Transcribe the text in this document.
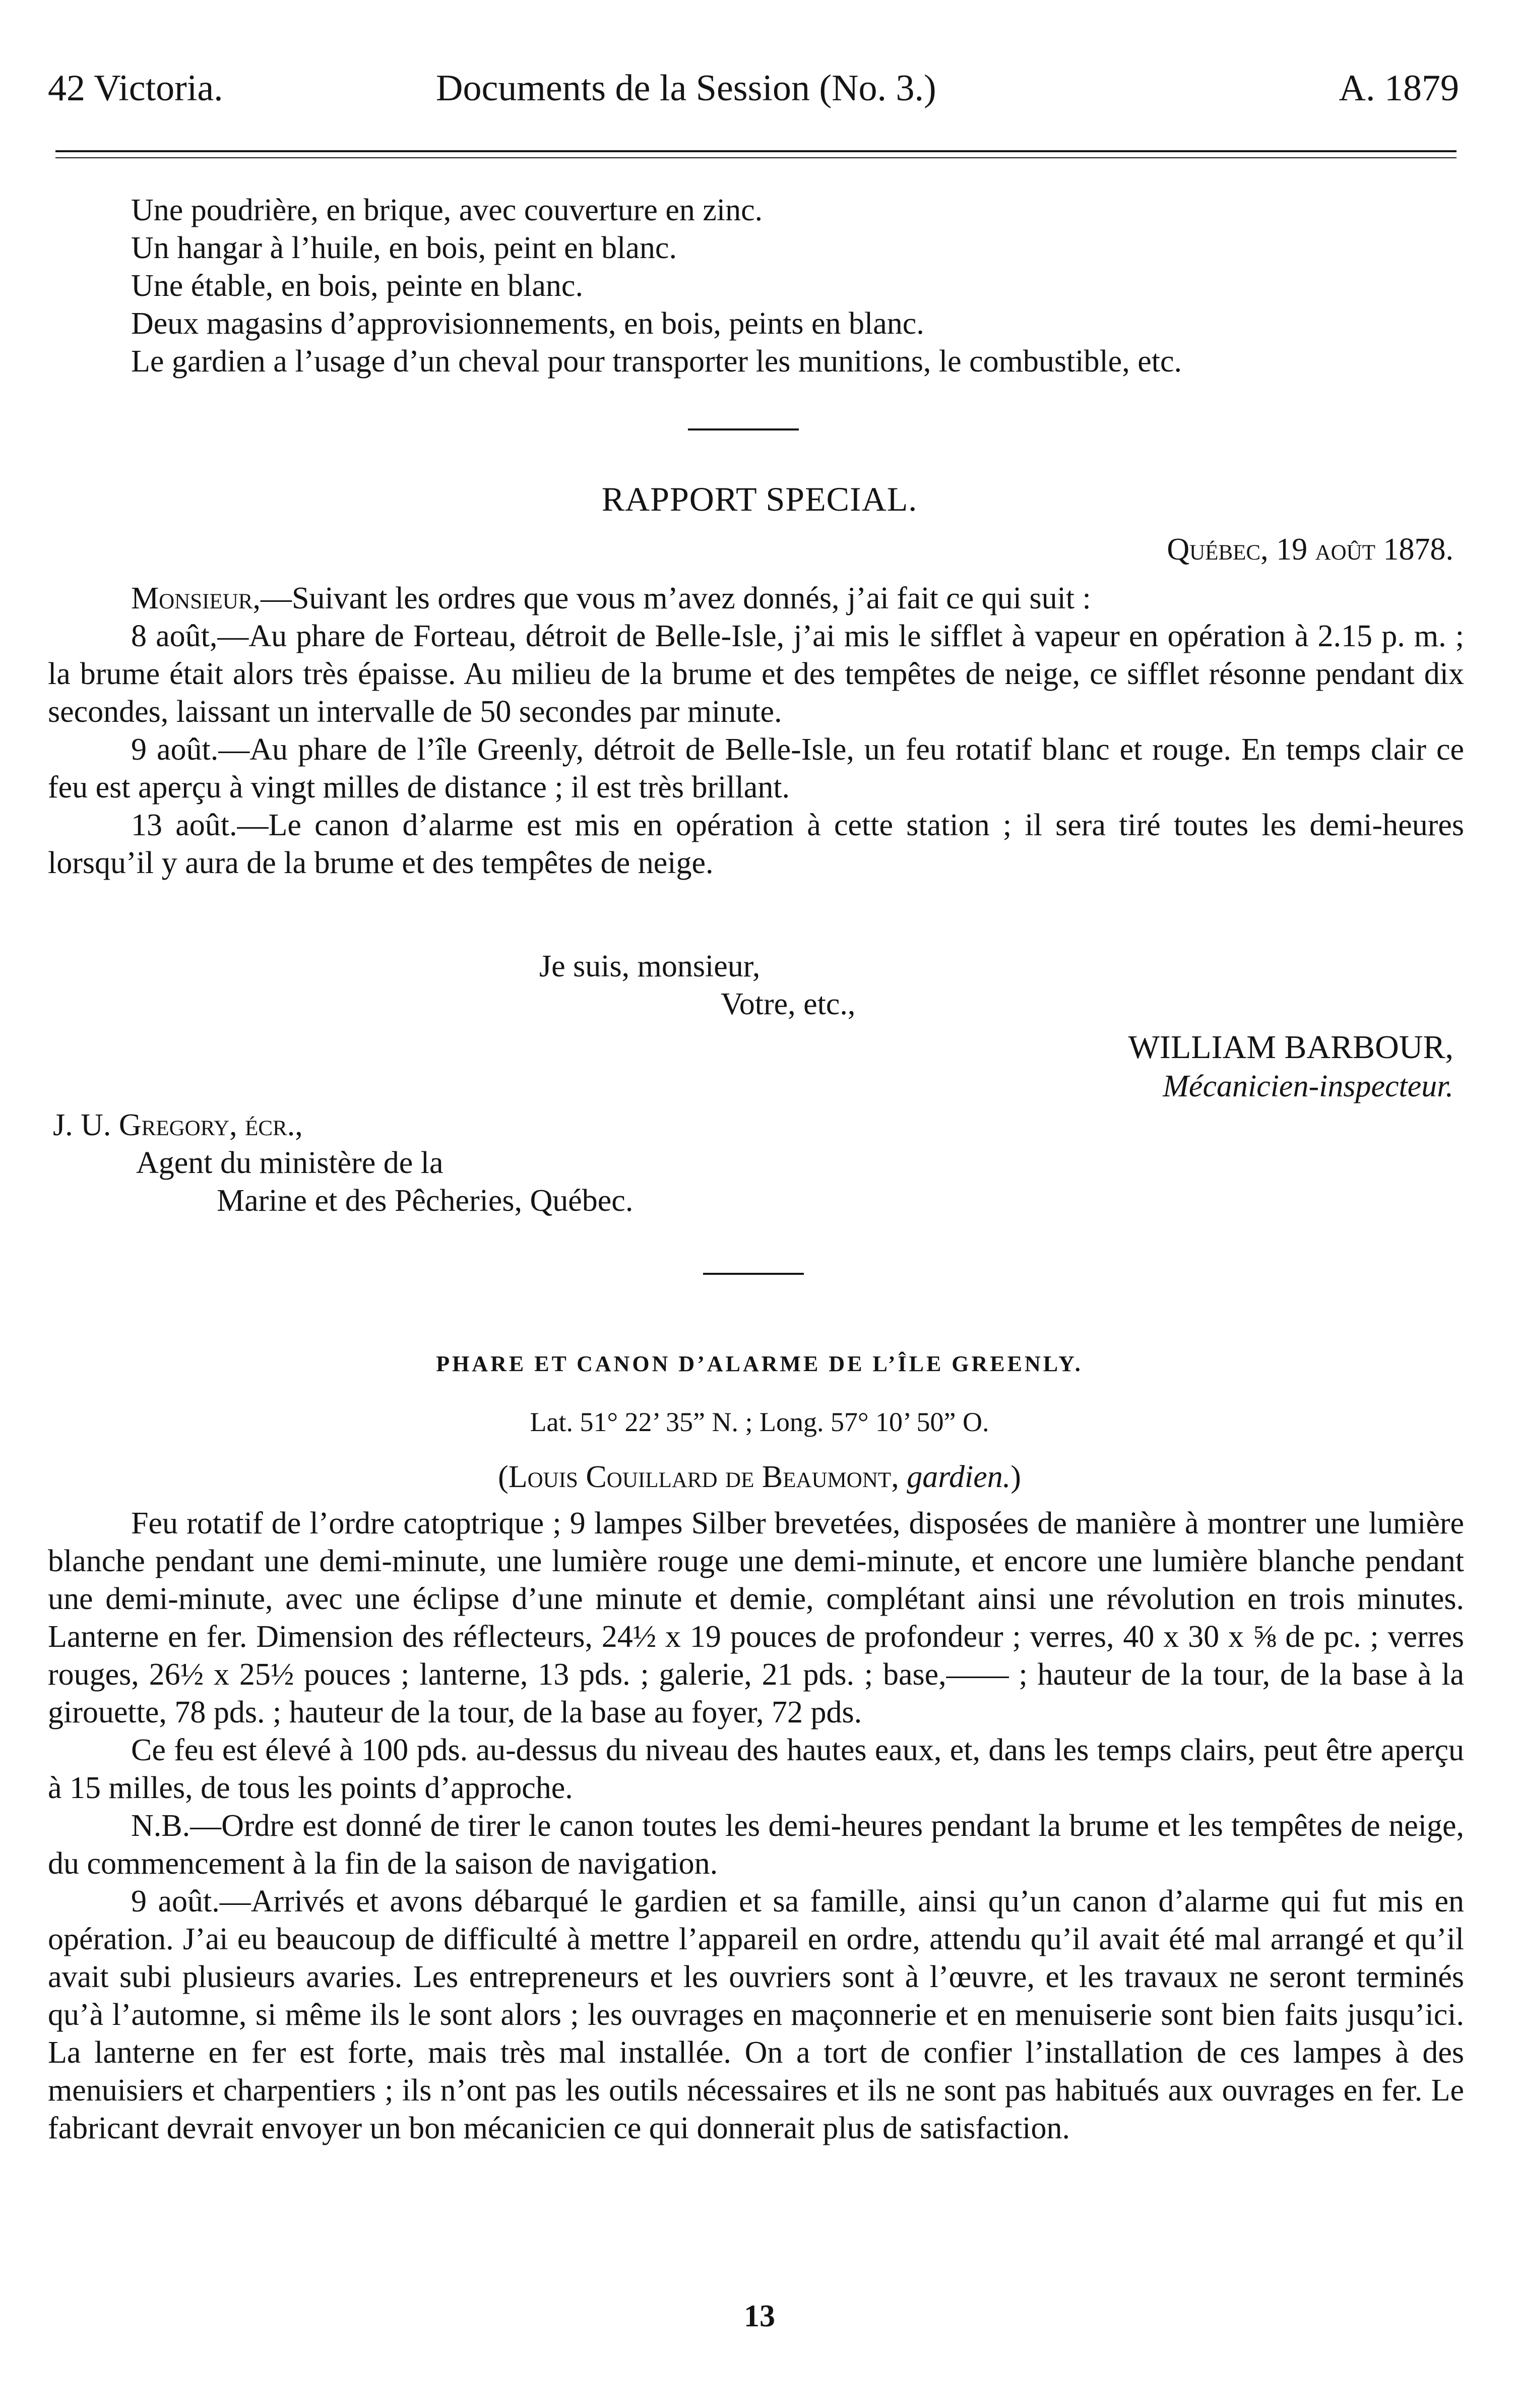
42 Victoria.	Documents de la Session (No. 3.)	A. 1879
Une poudrière, en brique, avec couverture en zinc.
Un hangar à l’huile, en bois, peint en blanc.
Une étable, en bois, peinte en blanc.
Deux magasins d’approvisionnements, en bois, peints en blanc.

Le gardien a l’usage d’un cheval pour transporter les munitions, le combustible, etc.

RAPPORT SPECIAL.
Québec, 19 août 1878.

Monsieur,—Suivant les ordres que vous m’avez donnés, j’ai fait ce qui suit :

8 août,—Au phare de Forteau, détroit de Belle-Isle, j’ai mis le sifflet à vapeur en opération à 2.15 p. m. ; la brume était alors très épaisse. Au milieu de la brume et des tempêtes de neige, ce sifflet résonne pendant dix secondes, laissant un intervalle de 50 secondes par minute.

9 août.—Au phare de l’île Greenly, détroit de Belle-Isle, un feu rotatif blanc et rouge. En temps clair ce feu est aperçu à vingt milles de distance ; il est très brillant.

13 août.—Le canon d’alarme est mis en opération à cette station ; il sera tiré toutes les demi-heures lorsqu’il y aura de la brume et des tempêtes de neige.

Je suis, monsieur,
Votre, etc.,
WILLIAM BARBOUR,
Mécanicien-inspecteur.
J. U. Gregory, écr.,
Agent du ministère de la
Marine et des Pêcheries, Québec.
PHARE ET CANON D’ALARME DE L’ÎLE GREENLY.
Lat. 51° 22’ 35” N. ; Long. 57° 10’ 50” O.
(Louis Couillard de Beaumont, gardien.)

Feu rotatif de l’ordre catoptrique ; 9 lampes Silber brevetées, disposées de manière à montrer une lumière blanche pendant une demi-minute, une lumière rouge une demi-minute, et encore une lumière blanche pendant une demi-minute, avec une éclipse d’une minute et demie, complétant ainsi une révolution en trois minutes. Lanterne en fer. Dimension des réflecteurs, 24½ x 19 pouces de profondeur ; verres, 40 x 30 x ⅝ de pc. ; verres rouges, 26½ x 25½ pouces ; lanterne, 13 pds. ; galerie, 21 pds. ; base,—— ; hauteur de la tour, de la base à la girouette, 78 pds. ; hauteur de la tour, de la base au foyer, 72 pds.

Ce feu est élevé à 100 pds. au-dessus du niveau des hautes eaux, et, dans les temps clairs, peut être aperçu à 15 milles, de tous les points d’approche.

N.B.—Ordre est donné de tirer le canon toutes les demi-heures pendant la brume et les tempêtes de neige, du commencement à la fin de la saison de navigation.

9 août.—Arrivés et avons débarqué le gardien et sa famille, ainsi qu’un canon d’alarme qui fut mis en opération. J’ai eu beaucoup de difficulté à mettre l’appareil en ordre, attendu qu’il avait été mal arrangé et qu’il avait subi plusieurs avaries. Les entrepreneurs et les ouvriers sont à l’œuvre, et les travaux ne seront terminés qu’à l’automne, si même ils le sont alors ; les ouvrages en maçonnerie et en menuiserie sont bien faits jusqu’ici. La lanterne en fer est forte, mais très mal installée. On a tort de confier l’installation de ces lampes à des menuisiers et charpentiers ; ils n’ont pas les outils nécessaires et ils ne sont pas habitués aux ouvrages en fer. Le fabricant devrait envoyer un bon mécanicien ce qui donnerait plus de satisfaction.

13
